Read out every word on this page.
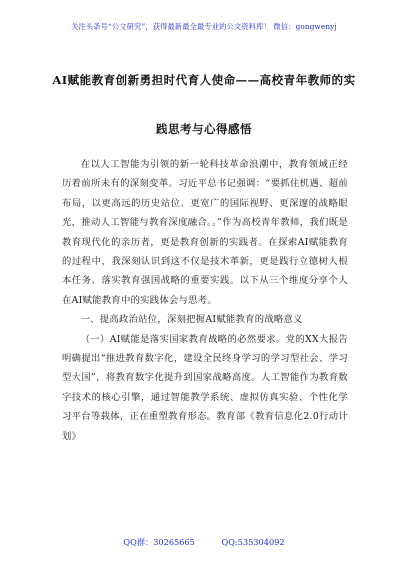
关注头条号“公文研究”，获得最新最全最专业的公文资料库！ 微信：gongwenyj
AI赋能教育创新勇担时代育人使命——高校青年教师的实
践思考与心得感悟

在以人工智能为引领的新一轮科技革命浪潮中，教育领域正经历着前所未有的深刻变革。习近平总书记强调：“要抓住机遇、超前布局，以更高远的历史站位、更宽广的国际视野、更深邃的战略眼光，推动人工智能与教育深度融合。。”作为高校青年教师，我们既是教育现代化的亲历者，更是教育创新的实践者。在探索AI赋能教育的过程中，我深刻认识到这不仅是技术革新，更是践行立德树人根本任务、落实教育强国战略的重要实践。以下从三个维度分享个人在AI赋能教育中的实践体会与思考。

一、提高政治站位，深刻把握AI赋能教育的战略意义

（一）AI赋能是落实国家教育战略的必然要求。党的XX大报告明确提出“推进教育数字化，建设全民终身学习的学习型社会、学习型大国”，将教育数字化提升到国家战略高度。人工智能作为教育数字技术的核心引擎，通过智能教学系统、虚拟仿真实验、个性化学习平台等载体，正在重塑教育形态。教育部《教育信息化2.0行动计划》

QQ群：30265665	QQ:535304092
